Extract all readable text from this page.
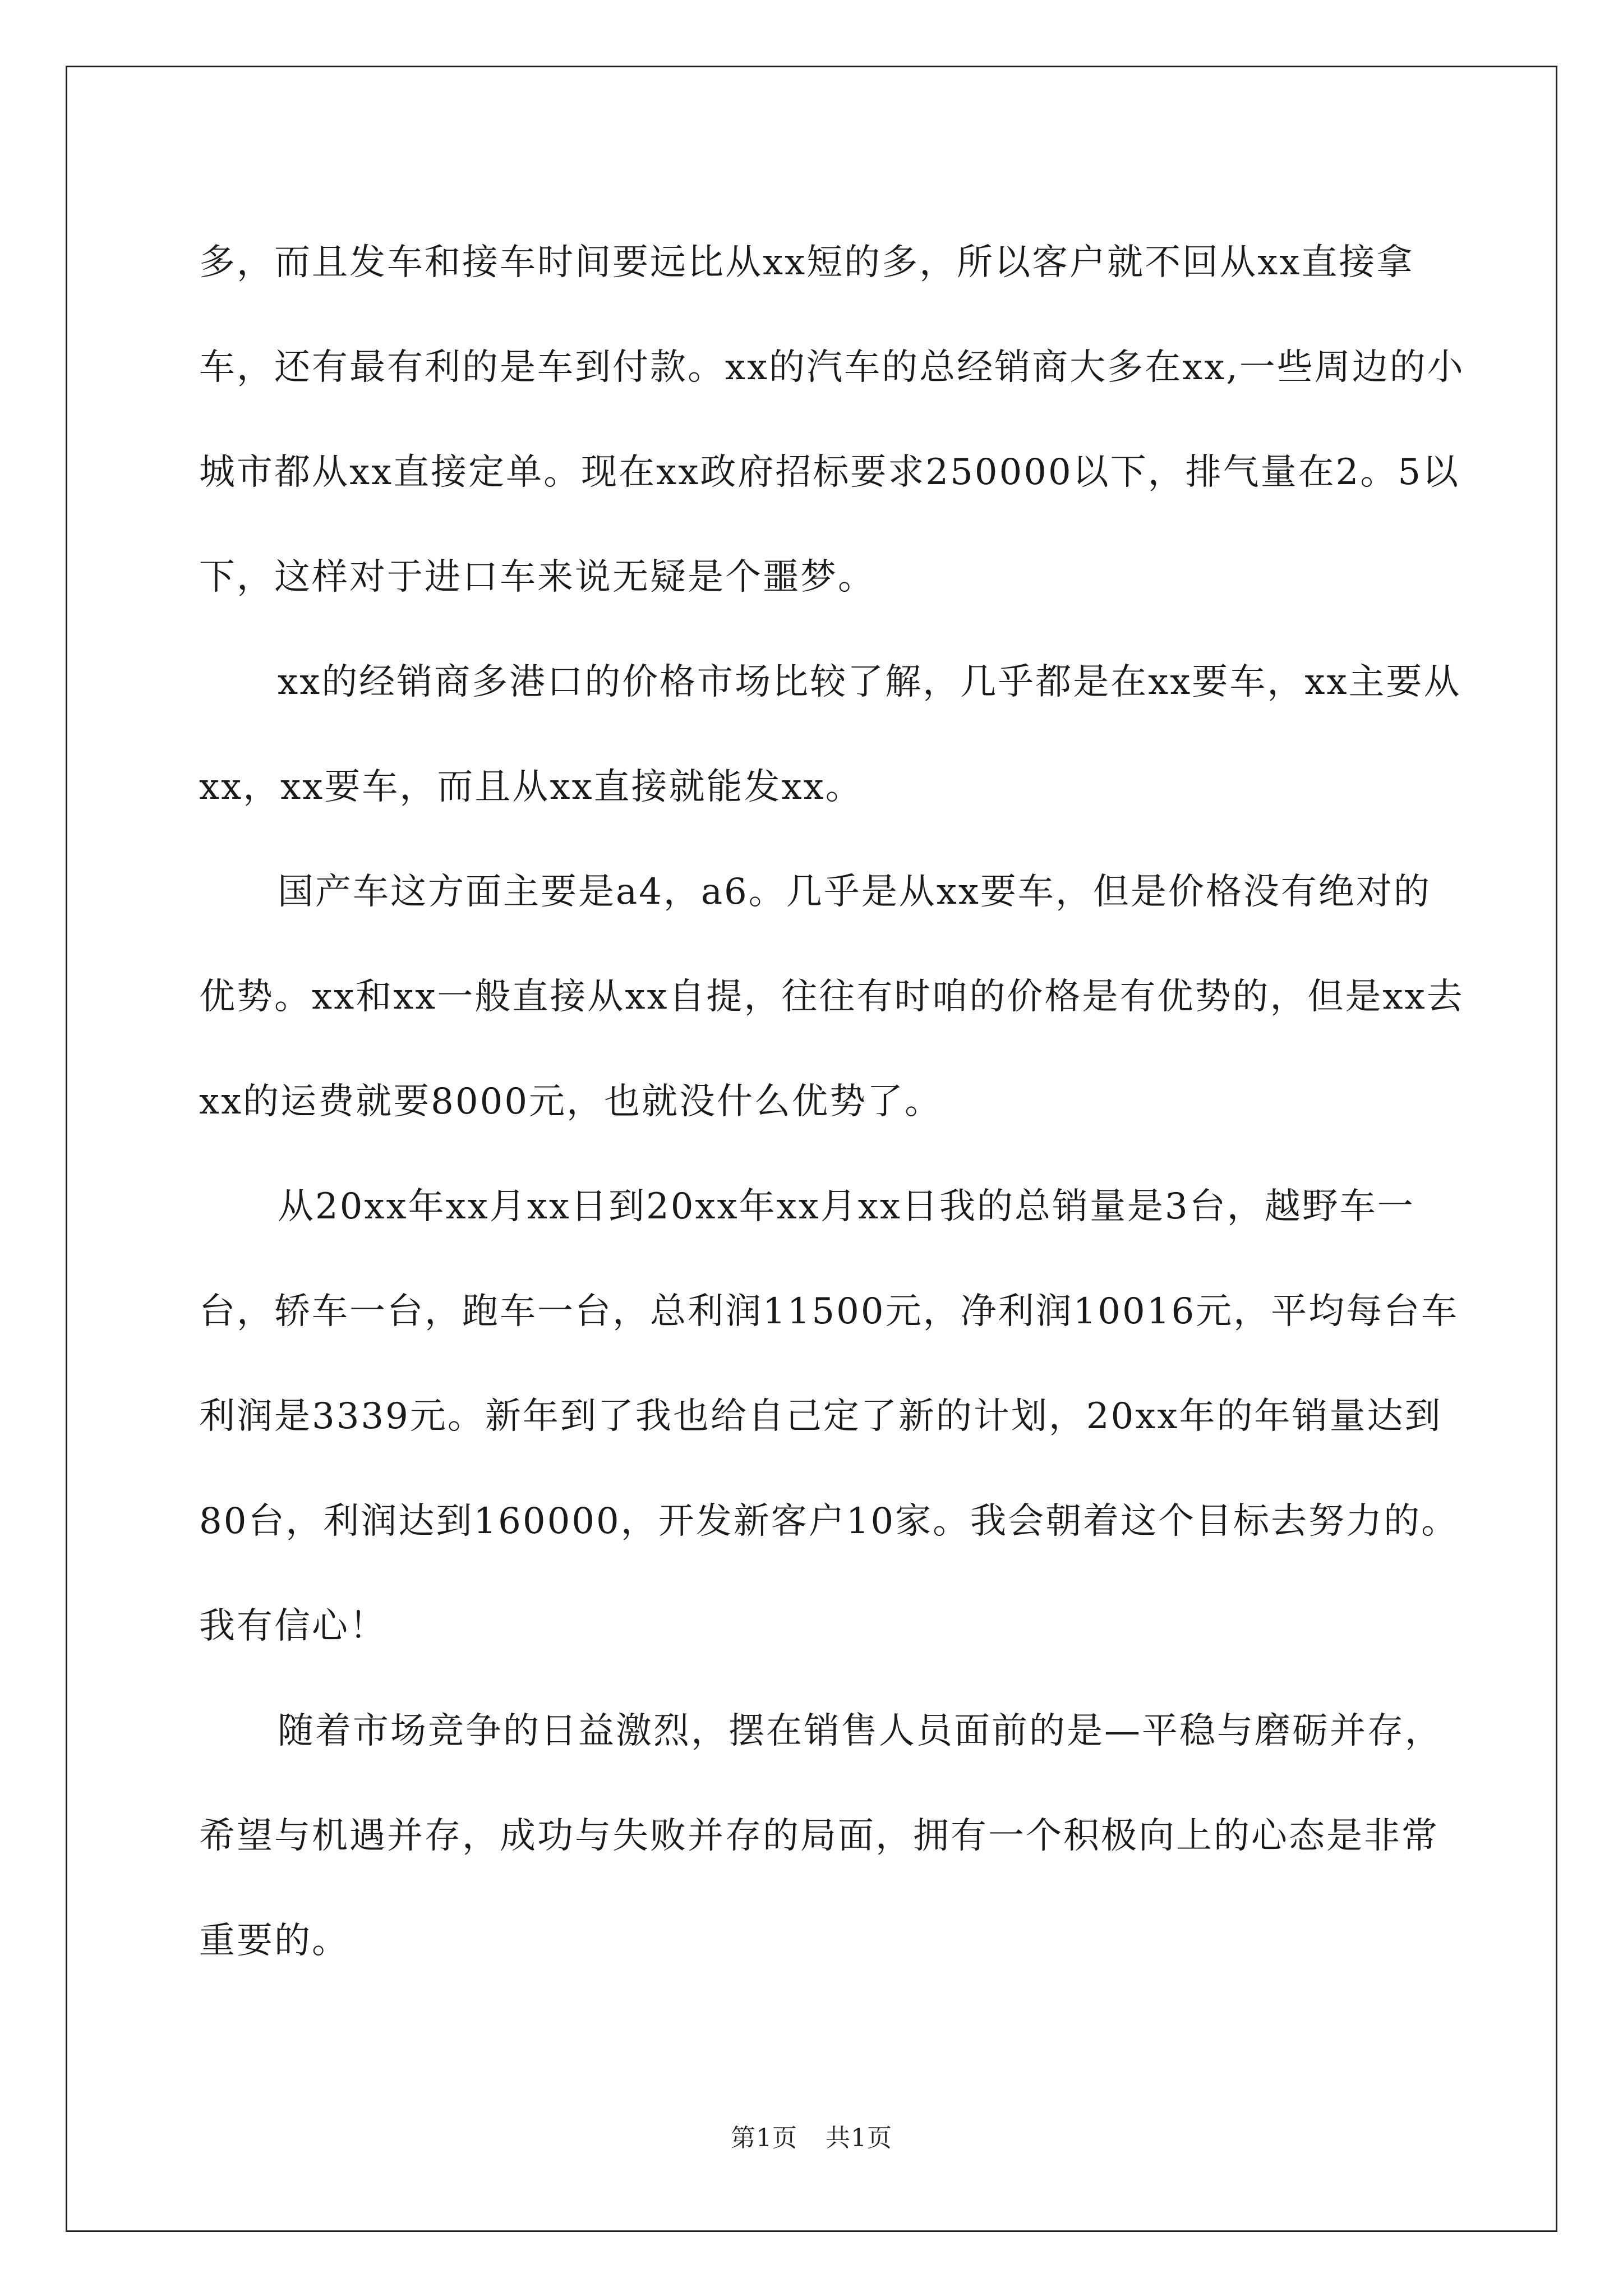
多，而且发车和接车时间要远比从xx短的多，所以客户就不回从xx直接拿车，还有最有利的是车到付款。xx的汽车的总经销商大多在xx,一些周边的小城市都从xx直接定单。现在xx政府招标要求250000以下，排气量在2。5以下，这样对于进口车来说无疑是个噩梦。

xx的经销商多港口的价格市场比较了解，几乎都是在xx要车，xx主要从xx，xx要车，而且从xx直接就能发xx。

国产车这方面主要是a4，a6。几乎是从xx要车，但是价格没有绝对的优势。xx和xx一般直接从xx自提，往往有时咱的价格是有优势的，但是xx去xx的运费就要8000元，也就没什么优势了。

从20xx年xx月xx日到20xx年xx月xx日我的总销量是3台，越野车一台，轿车一台，跑车一台，总利润11500元，净利润10016元，平均每台车利润是3339元。新年到了我也给自己定了新的计划，20xx年的年销量达到80台，利润达到160000，开发新客户10家。我会朝着这个目标去努力的。我有信心！

随着市场竞争的日益激烈，摆在销售人员面前的是—平稳与磨砺并存，希望与机遇并存，成功与失败并存的局面，拥有一个积极向上的心态是非常重要的。

第1页 共1页
